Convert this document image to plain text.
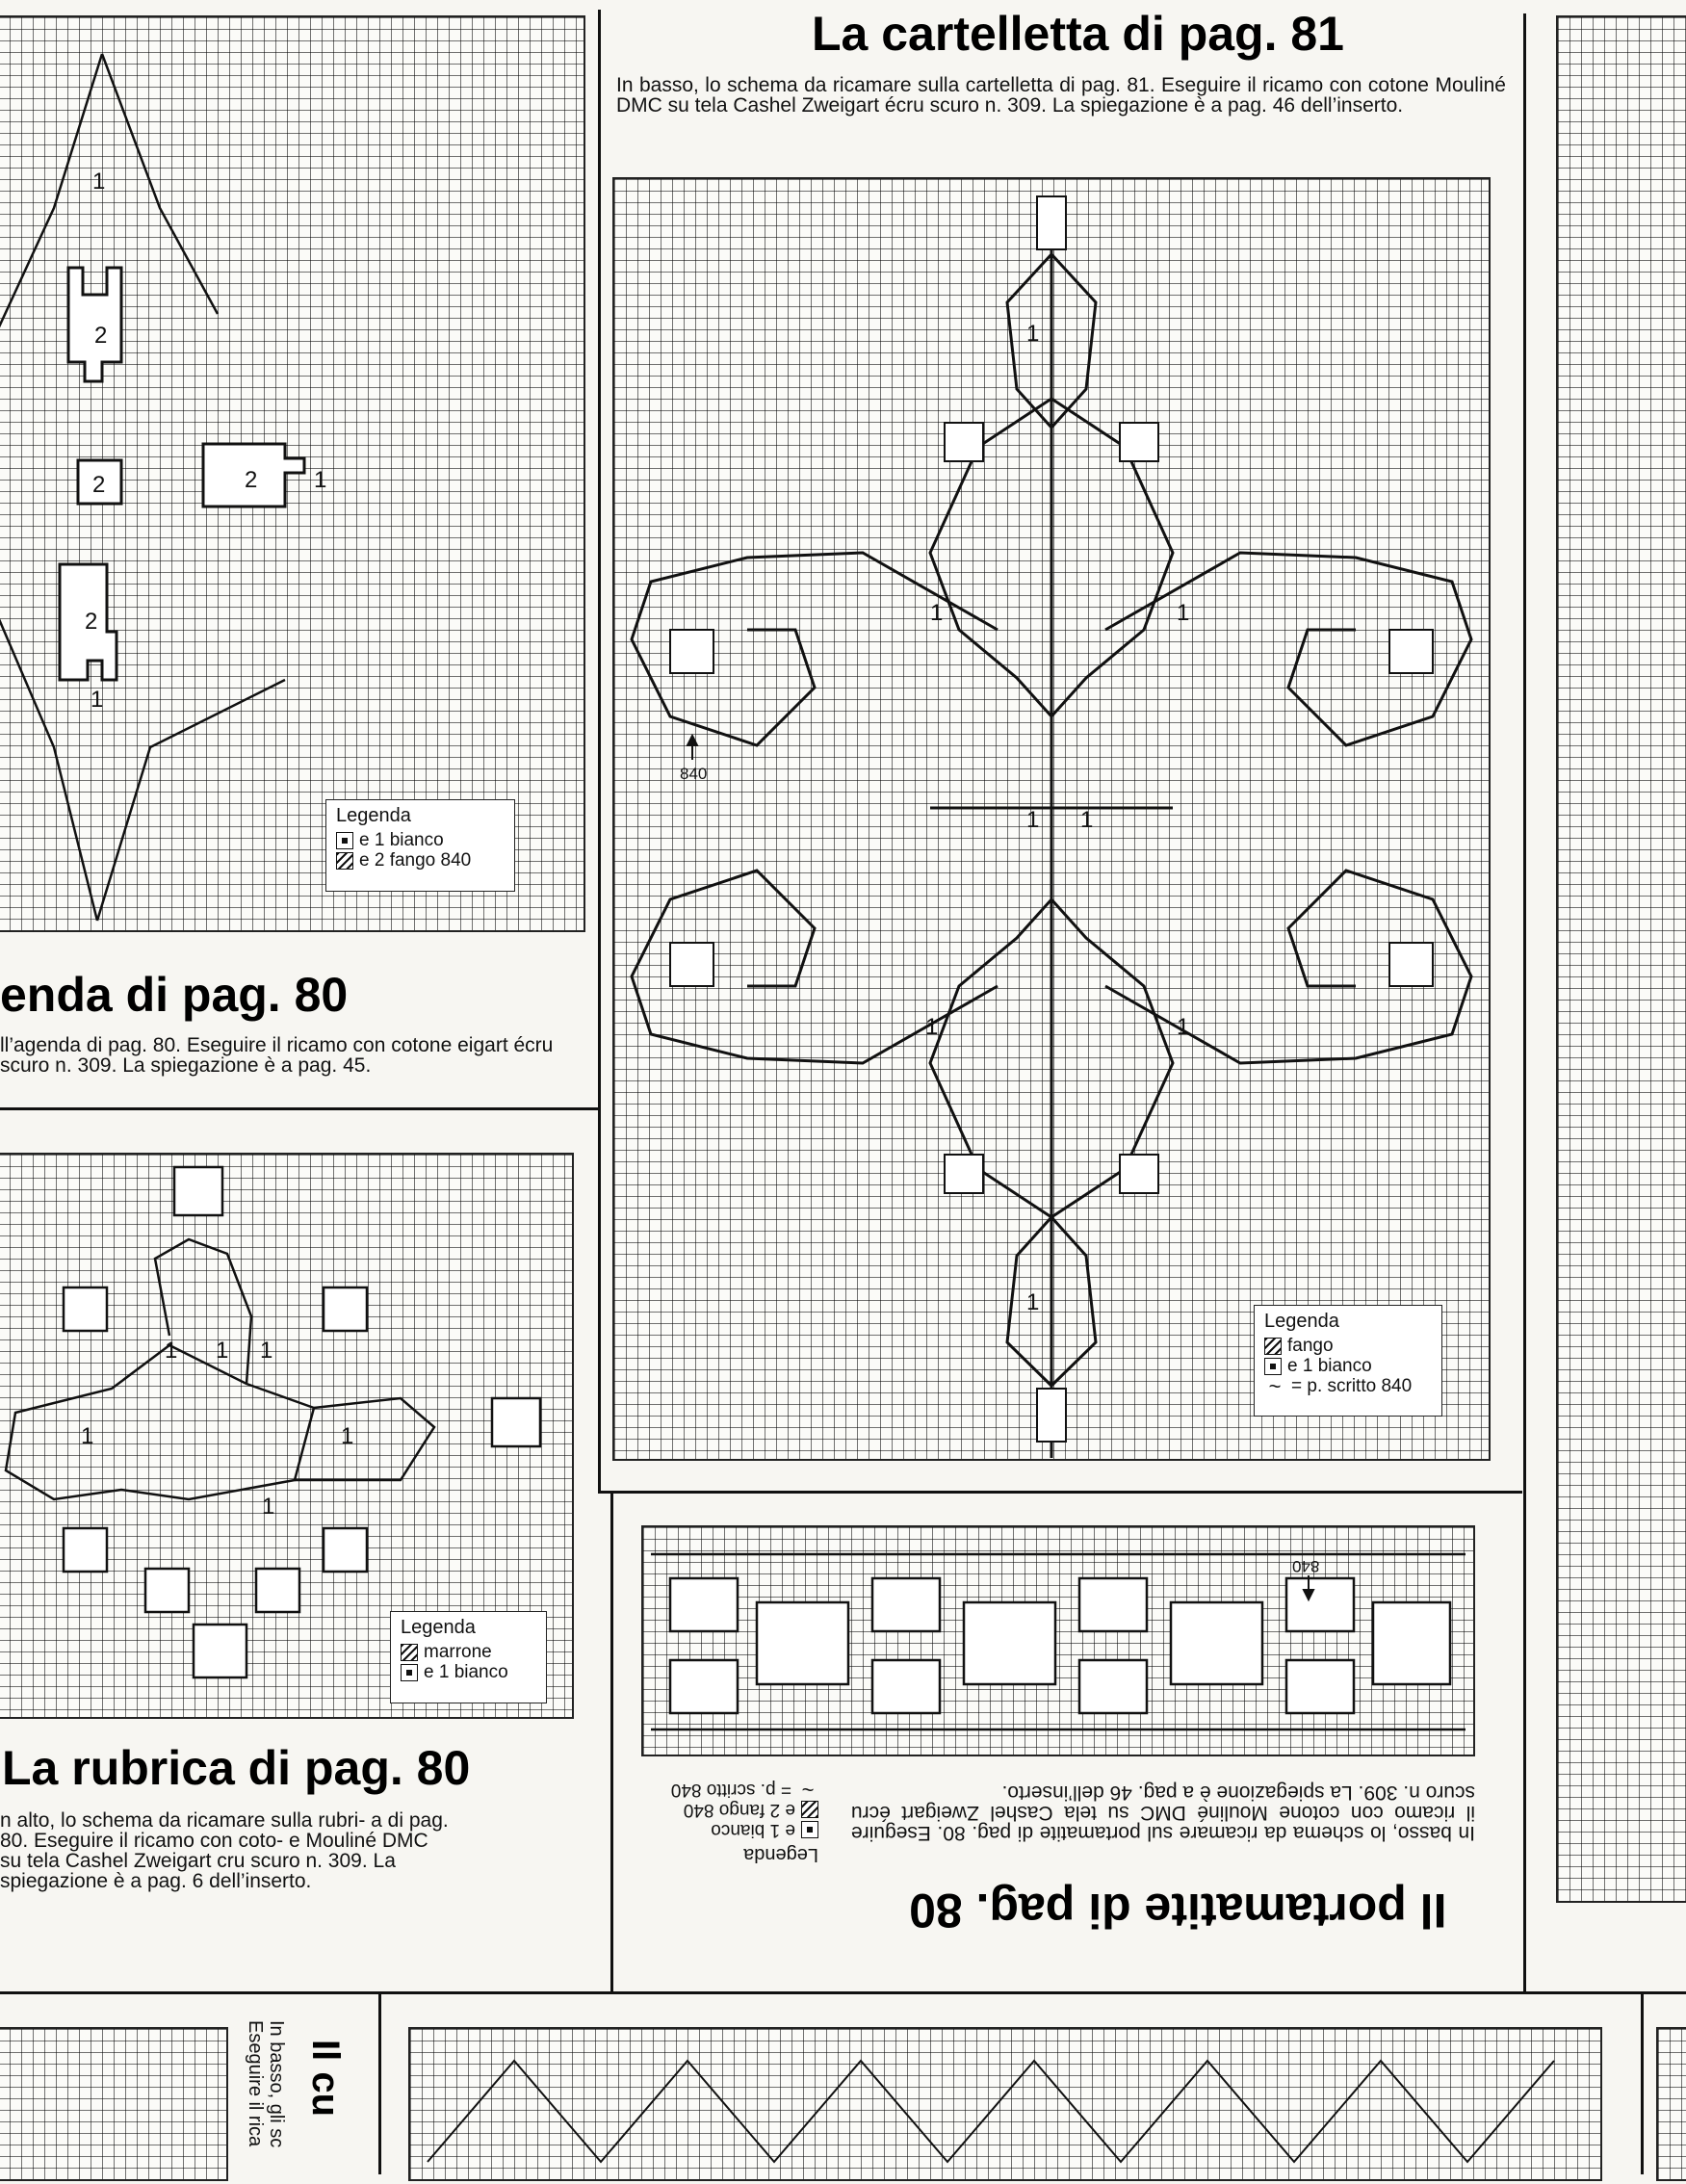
La cartelletta di pag. 81
In basso, lo schema da ricamare sulla cartelletta di pag. 81. Eseguire il ricamo con cotone Mouliné DMC su tela Cashel Zweigart écru scuro n. 309. La spiegazione è a pag. 46 dell’inserto.
1
1	1
1 1
1	1
1
840
Legenda
fango
e 1 bianco
~ = p. scritto 840
1
2
2	2 1
2
1
Legenda
e 1 bianco
e 2 fango 840
enda di pag. 80
ll’agenda di pag. 80. Eseguire il ricamo con cotone eigart écru scuro n. 309. La spiegazione è a pag. 45.
1 1 1
1	1
1
Legenda
marrone
e 1 bianco
La rubrica di pag. 80
n alto, lo schema da ricamare sulla rubri- a di pag. 80. Eseguire il ricamo con coto- e Mouliné DMC su tela Cashel Zweigart cru scuro n. 309. La spiegazione è a pag. 6 dell’inserto.
840
Il portamatite di pag. 80
In basso, lo schema da ricamare sul portamatite di pag. 80. Eseguire il ricamo con cotone Mouliné DMC su tela Cashel Zweigart écru scuro n. 309. La spiegazione è a pag. 46 dell’inserto.
Legenda
e 1 bianco
e 2 fango 840
~
= p. scritto 840
Il cu
In basso, gli sc Eseguire il rica
